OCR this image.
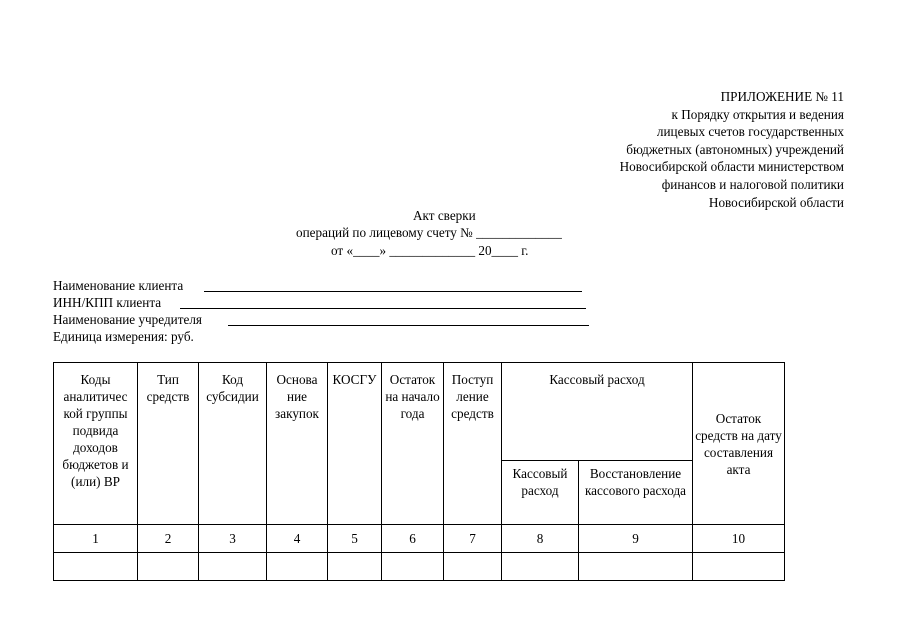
ПРИЛОЖЕНИЕ № 11
к Порядку открытия и ведения
лицевых счетов государственных
бюджетных (автономных) учреждений
Новосибирской области министерством
финансов и налоговой политики
Новосибирской области
Акт сверки
операций по лицевому счету № _____________
от «____» _____________ 20____ г.
Наименование клиента
ИНН/КПП клиента
Наименование учредителя
Единица измерения: руб.
Коды аналитичес кой группы подвида доходов бюджетов и (или) ВР	Тип средств	Код субсидии	Основа ние закупок	КОСГУ	Остаток на начало года	Поступ ление средств	Кассовый расход		Остаток средств на дату составления акта
							Кассовый расход	Восстановление кассового расхода	
1	2	3	4	5	6	7	8	9	10
